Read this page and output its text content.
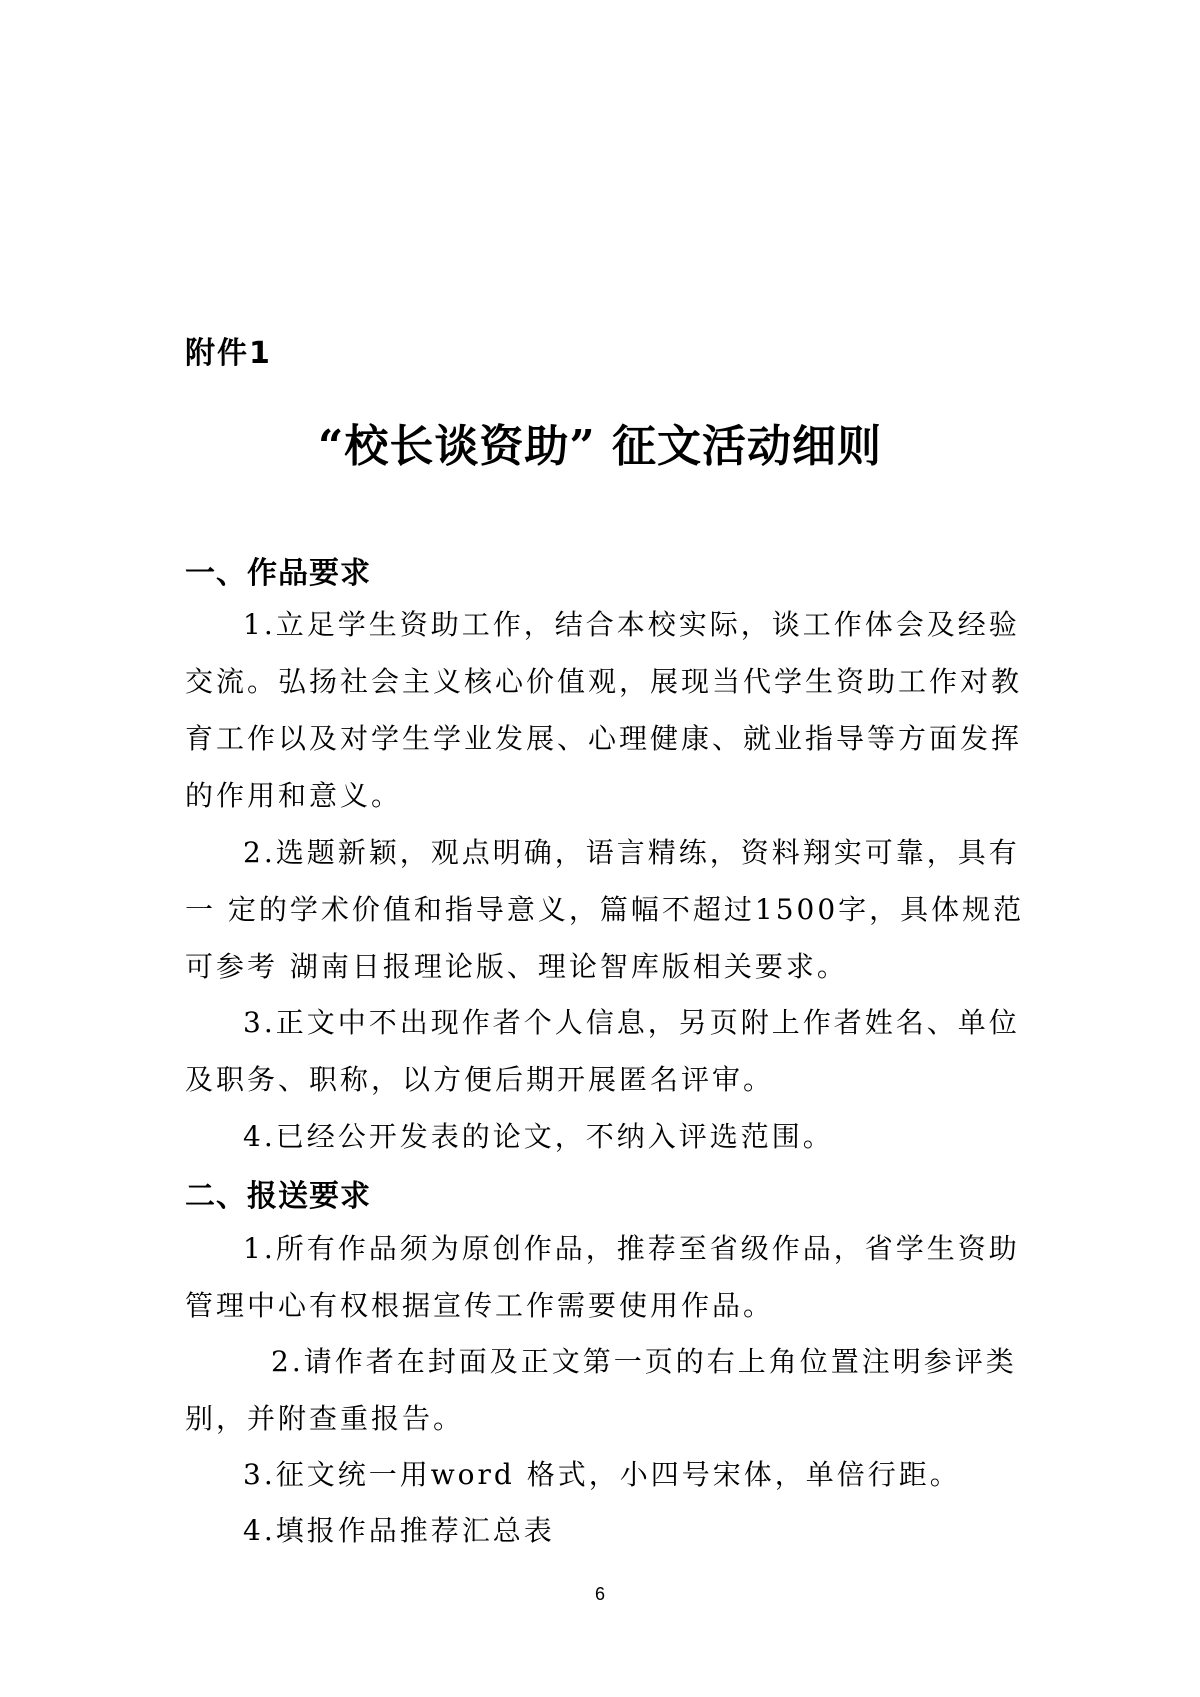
附件1
“校长谈资助” 征文活动细则
一、作品要求

1.立足学生资助工作，结合本校实际，谈工作体会及经验交流。弘扬社会主义核心价值观，展现当代学生资助工作对教育工作以及对学生学业发展、心理健康、就业指导等方面发挥的作用和意义。

2.选题新颖，观点明确，语言精练，资料翔实可靠，具有一 定的学术价值和指导意义，篇幅不超过1500字，具体规范可参考 湖南日报理论版、理论智库版相关要求。

3.正文中不出现作者个人信息，另页附上作者姓名、单位及职务、职称，以方便后期开展匿名评审。

4.已经公开发表的论文，不纳入评选范围。

二、报送要求

1.所有作品须为原创作品，推荐至省级作品，省学生资助管理中心有权根据宣传工作需要使用作品。

2.请作者在封面及正文第一页的右上角位置注明参评类别，并附查重报告。

3.征文统一用word 格式，小四号宋体，单倍行距。

4.填报作品推荐汇总表

6
